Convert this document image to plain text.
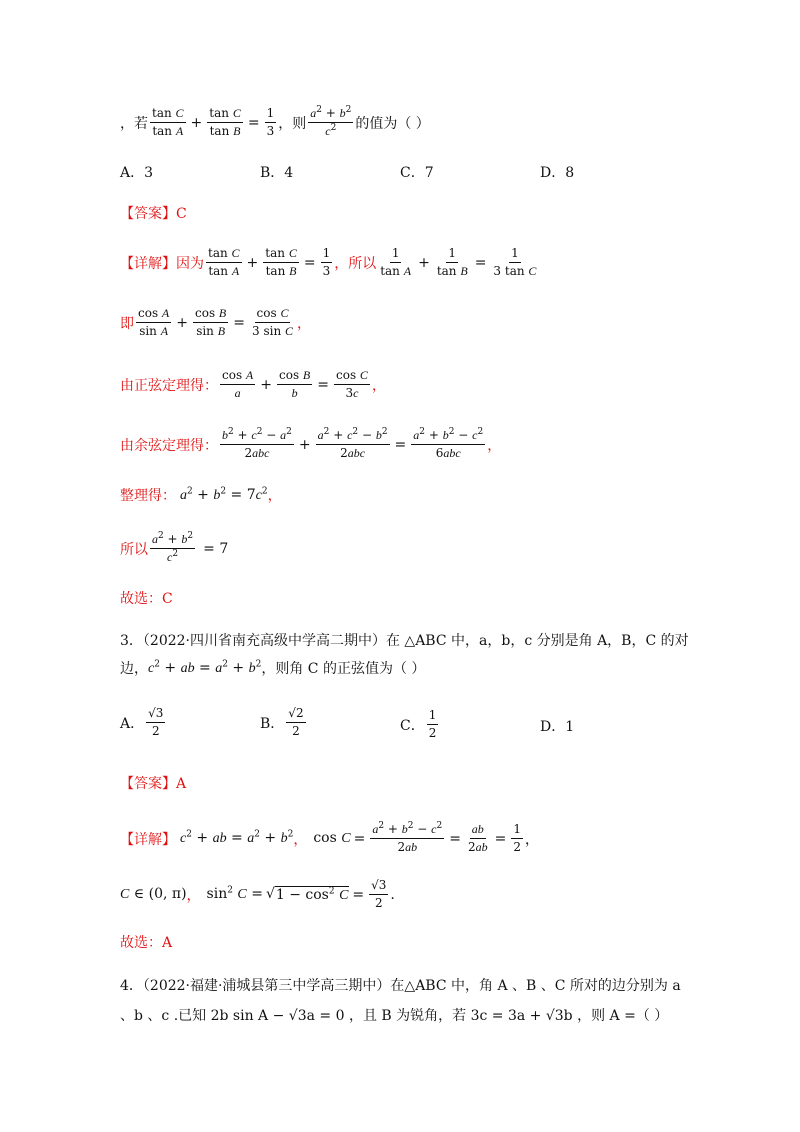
，若 $\frac{\text{tan C}}{\text{tan A}} + \frac{\text{tan C}}{\text{tan B}} = \frac{1}{3}$ ，则 $\frac{a^2 + b^2}{c^2}$ 的值为（ ）
A．3	B．4	C．7	D．8
【答案】C
【详解】因为 $\frac{\text{tan C}}{\text{tan A}} + \frac{\text{tan C}}{\text{tan B}} = \frac{1}{3}$ ，所以 $\frac{1}{\text{tan A}} + \frac{1}{\text{tan B}} = \frac{1}{\text{3 tan C}}$
即 $\frac{\text{cos A}}{\text{sin A}} + \frac{\text{cos B}}{\text{sin B}} = \frac{\text{cos C}}{\text{3 sin C}}$ ，
由正弦定理得： $\frac{\text{cos A}}{a} + \frac{\text{cos B}}{b} = \frac{\text{cos C}}{3c}$ ，
由余弦定理得： $\frac{b^2 + c^2 - a^2}{\text{2abc}} + \frac{a^2 + c^2 - b^2}{\text{2abc}} = \frac{a^2 + b^2 - c^2}{\text{6abc}}$ ，
整理得： $a^2 + b^2 = 7c^2$ ，
所以 $\frac{a^2 + b^2}{c^2} = 7$
故选：C
3．（2022·四川省南充高级中学高二期中）在 △ABC 中，a，b，c 分别是角 A，B，C 的对
边， $c^2$ + ab = $a^2 + b^2$ ，则角 C 的正弦值为（ ）
A． $\frac{√3}{2}$	B． $\frac{√2}{2}$	C． $\frac{1}{2}$	D．1
【答案】A
【详解】 $c^2$ + ab = $a^2 + b^2$ ， $\cos C = \frac{a^2 + b^2 - c^2}{2ab} = \frac{ab}{2ab} = \frac{1}{2}$ ，
C ∈ (0, π) ， $\sin^2 C$ = √ $1 - \cos^2 C = \frac{√3}{2}$ .
故选：A
4．（2022·福建·浦城县第三中学高三期中）在△ABC 中，角 A 、B 、C 所对的边分别为 a
、b 、c .已知 2b sin A − √3a = 0 ，且 B 为锐角，若 3c = 3a + √3b ，则 A =（ ）
